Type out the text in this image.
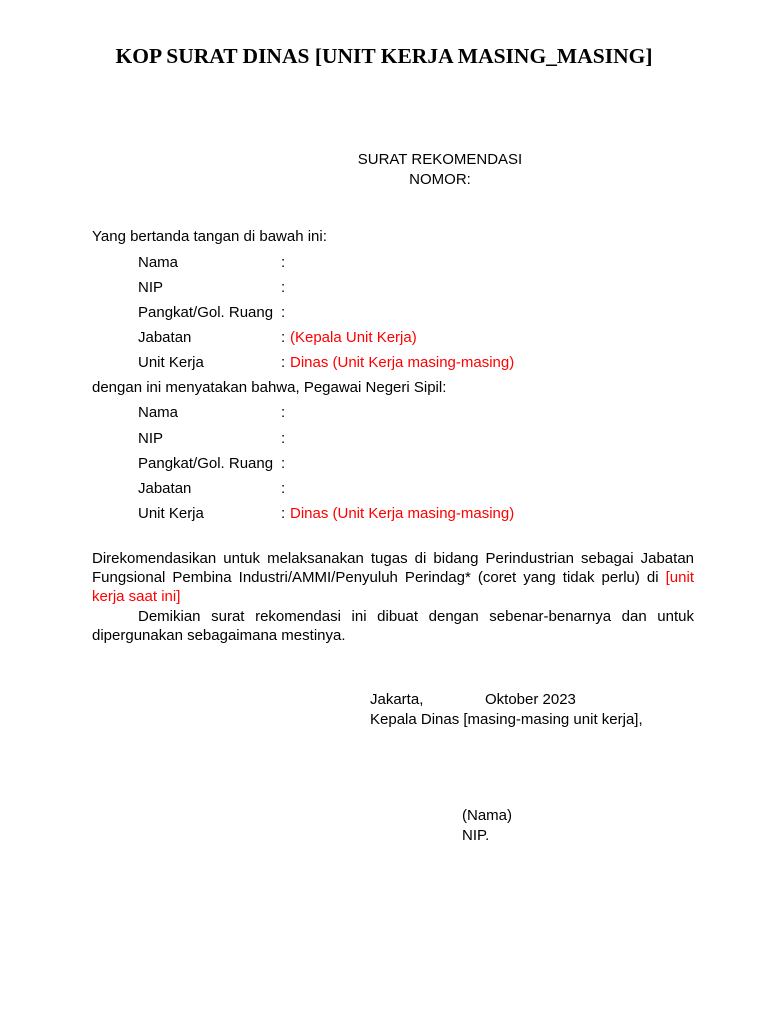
KOP SURAT DINAS [UNIT KERJA MASING_MASING]
SURAT REKOMENDASI
NOMOR:
Yang bertanda tangan di bawah ini:
Nama	:
NIP	:
Pangkat/Gol. Ruang :
Jabatan	: (Kepala Unit Kerja)
Unit Kerja	: Dinas (Unit Kerja masing-masing)
dengan ini menyatakan bahwa, Pegawai Negeri Sipil:
Nama	:
NIP	:
Pangkat/Gol. Ruang :
Jabatan	:
Unit Kerja	: Dinas (Unit Kerja masing-masing)
Direkomendasikan untuk melaksanakan tugas di bidang Perindustrian sebagai Jabatan Fungsional Pembina Industri/AMMI/Penyuluh Perindag* (coret yang tidak perlu) di [unit kerja saat ini]
Demikian surat rekomendasi ini dibuat dengan sebenar-benarnya dan untuk dipergunakan sebagaimana mestinya.
Jakarta,	Oktober 2023
Kepala Dinas [masing-masing unit kerja],
(Nama)
NIP.
